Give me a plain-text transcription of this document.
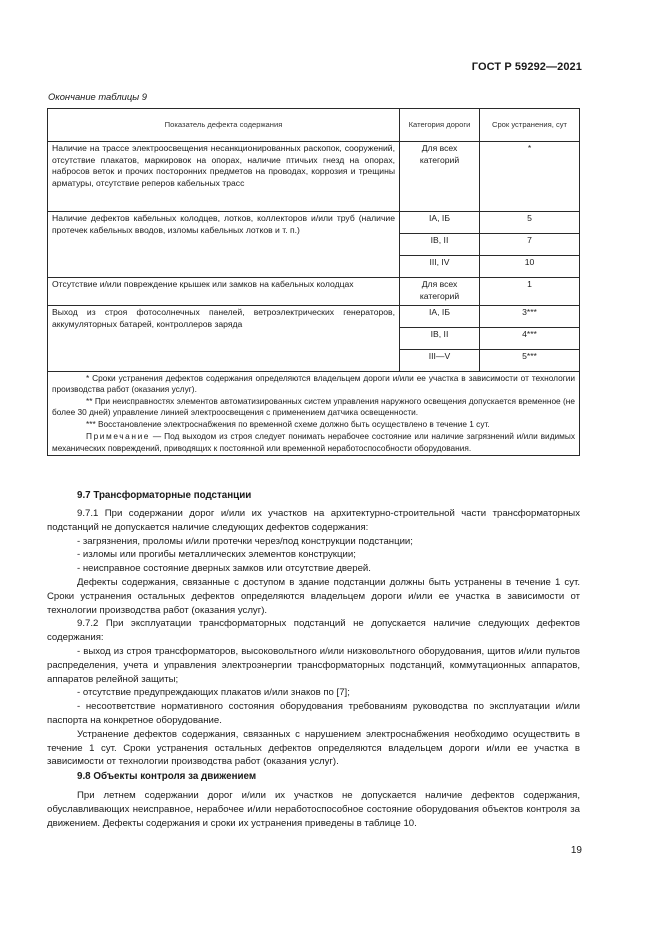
ГОСТ Р 59292—2021
Окончание таблицы 9
Показатель дефекта содержания	Категория дороги	Срок устранения, сут
Наличие на трассе электроосвещения несанкционированных раскопок, сооружений, отсутствие плакатов, маркировок на опорах, наличие птичьих гнезд на опорах, набросов веток и прочих посторонних предметов на проводах, коррозия и трещины арматуры, отсутствие реперов кабельных трасс	Для всех категорий	*
Наличие дефектов кабельных колодцев, лотков, коллекторов и/или труб (наличие протечек кабельных вводов, изломы кабельных лотков и т. п.)	IA, IБ	5
	IB, II	7
	III, IV	10
Отсутствие и/или повреждение крышек или замков на кабельных колодцах	Для всех категорий	1
Выход из строя фотосолнечных панелей, ветроэлектрических генераторов, аккумуляторных батарей, контроллеров заряда	IA, IБ	3***
	IB, II	4***
	III—V	5***

* Сроки устранения дефектов содержания определяются владельцем дороги и/или ее участка в зависимости от технологии производства работ (оказания услуг).

** При неисправностях элементов автоматизированных систем управления наружного освещения допускается временное (не более 30 дней) управление линией электроосвещения с применением датчика освещенности.

*** Восстановление электроснабжения по временной схеме должно быть осуществлено в течение 1 сут.

Примечание — Под выходом из строя следует понимать нерабочее состояние или наличие загрязнений и/или видимых механических повреждений, приводящих к постоянной или временной неработоспособности оборудования.		

9.7 Трансформаторные подстанции

9.7.1 При содержании дорог и/или их участков на архитектурно-строительной части трансформаторных подстанций не допускается наличие следующих дефектов содержания:

- загрязнения, проломы и/или протечки через/под конструкции подстанции;

- изломы или прогибы металлических элементов конструкции;

- неисправное состояние дверных замков или отсутствие дверей.

Дефекты содержания, связанные с доступом в здание подстанции должны быть устранены в течение 1 сут. Сроки устранения остальных дефектов определяются владельцем дороги и/или ее участка в зависимости от технологии производства работ (оказания услуг).

9.7.2 При эксплуатации трансформаторных подстанций не допускается наличие следующих дефектов содержания:

- выход из строя трансформаторов, высоковольтного и/или низковольтного оборудования, щитов и/или пультов распределения, учета и управления электроэнергии трансформаторных подстанций, коммутационных аппаратов, аппаратов релейной защиты;

- отсутствие предупреждающих плакатов и/или знаков по [7];

- несоответствие нормативного состояния оборудования требованиям руководства по эксплуатации и/или паспорта на конкретное оборудование.

Устранение дефектов содержания, связанных с нарушением электроснабжения необходимо осуществить в течение 1 сут. Сроки устранения остальных дефектов определяются владельцем дороги и/или ее участка в зависимости от технологии производства работ (оказания услуг).

9.8 Объекты контроля за движением

При летнем содержании дорог и/или их участков не допускается наличие дефектов содержания, обуславливающих неисправное, нерабочее и/или неработоспособное состояние оборудования объектов контроля за движением. Дефекты содержания и сроки их устранения приведены в таблице 10.

19
